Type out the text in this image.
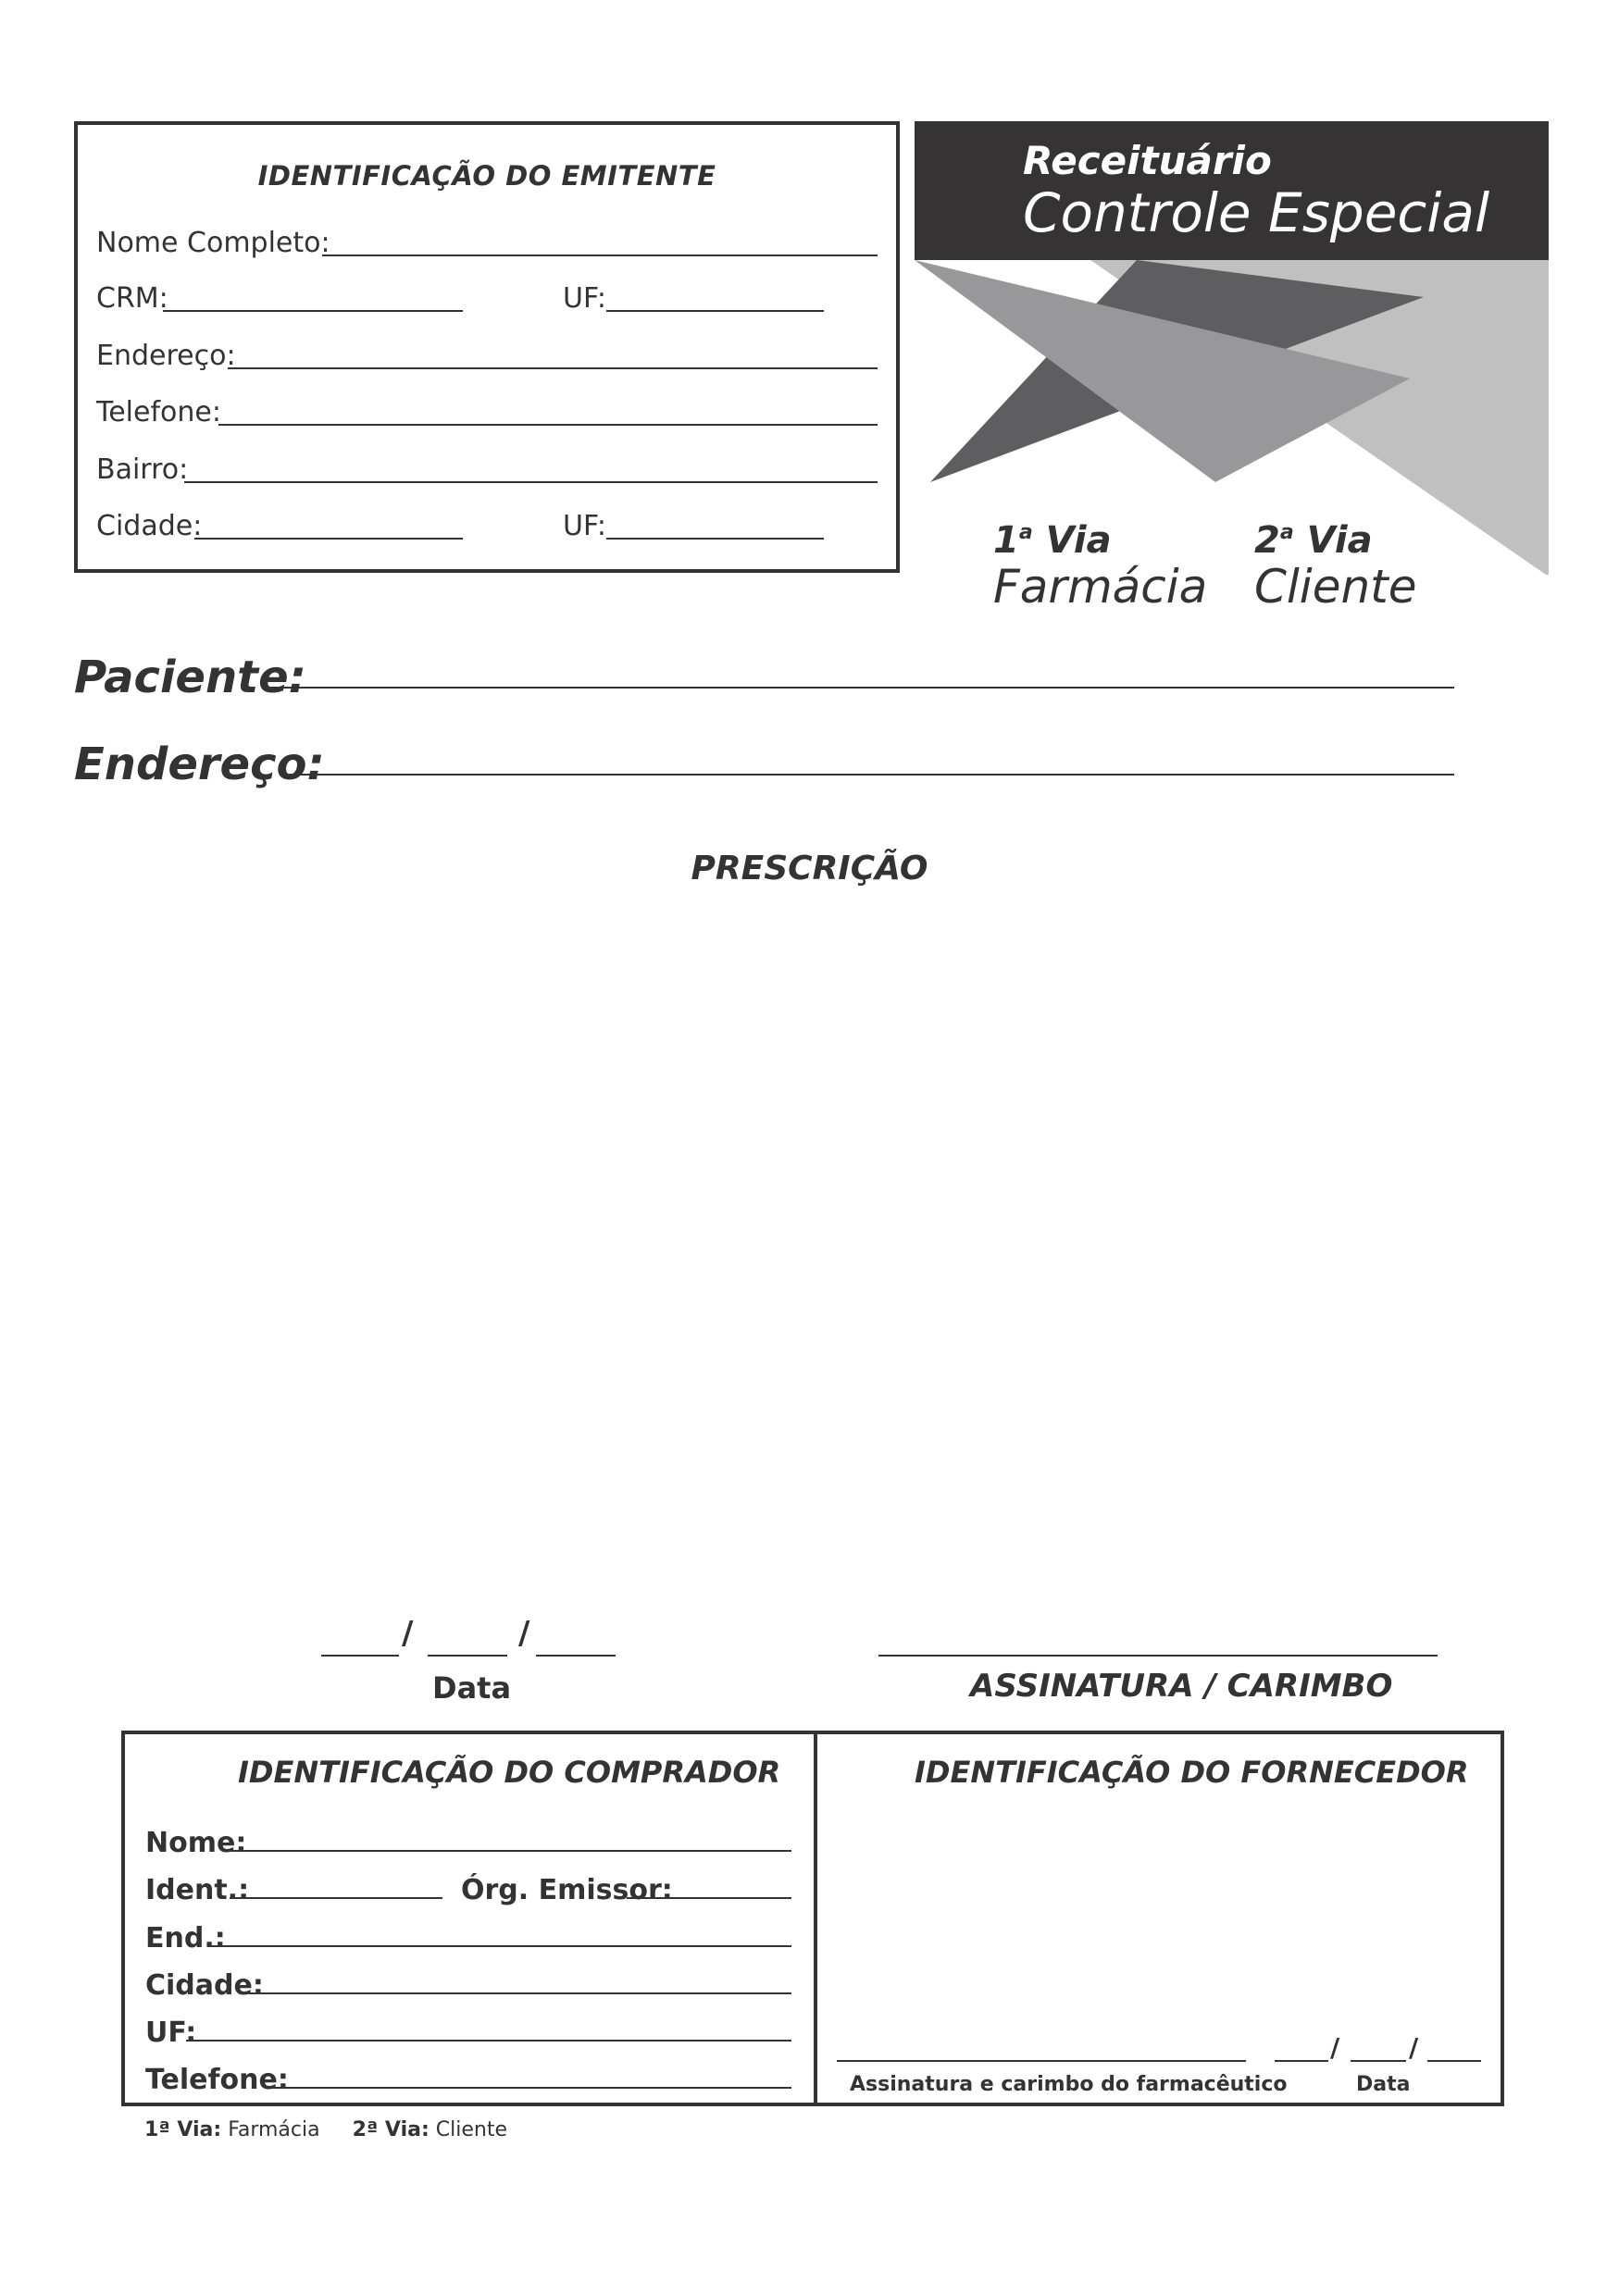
IDENTIFICAÇÃO DO EMITENTE
Nome Completo:
CRM:	UF:
Endereço:
Telefone:
Bairro:
Cidade:	UF:
Receituário
Controle Especial
1$^a$ Via
Farmácia
2$^a$ Via
Cliente
Paciente:
Endereço:
PRESCRIÇÃO
/	/
Data	ASSINATURA / CARIMBO
IDENTIFICAÇÃO DO COMPRADOR
Nome:
Ident.:	Órg. Emissor:
End.:
Cidade:
UF:
Telefone:
IDENTIFICAÇÃO DO FORNECEDOR
Assinatura e carimbo do farmacêutico
/	/
Data
1ª Via: Farmácia 2ª Via: Cliente
